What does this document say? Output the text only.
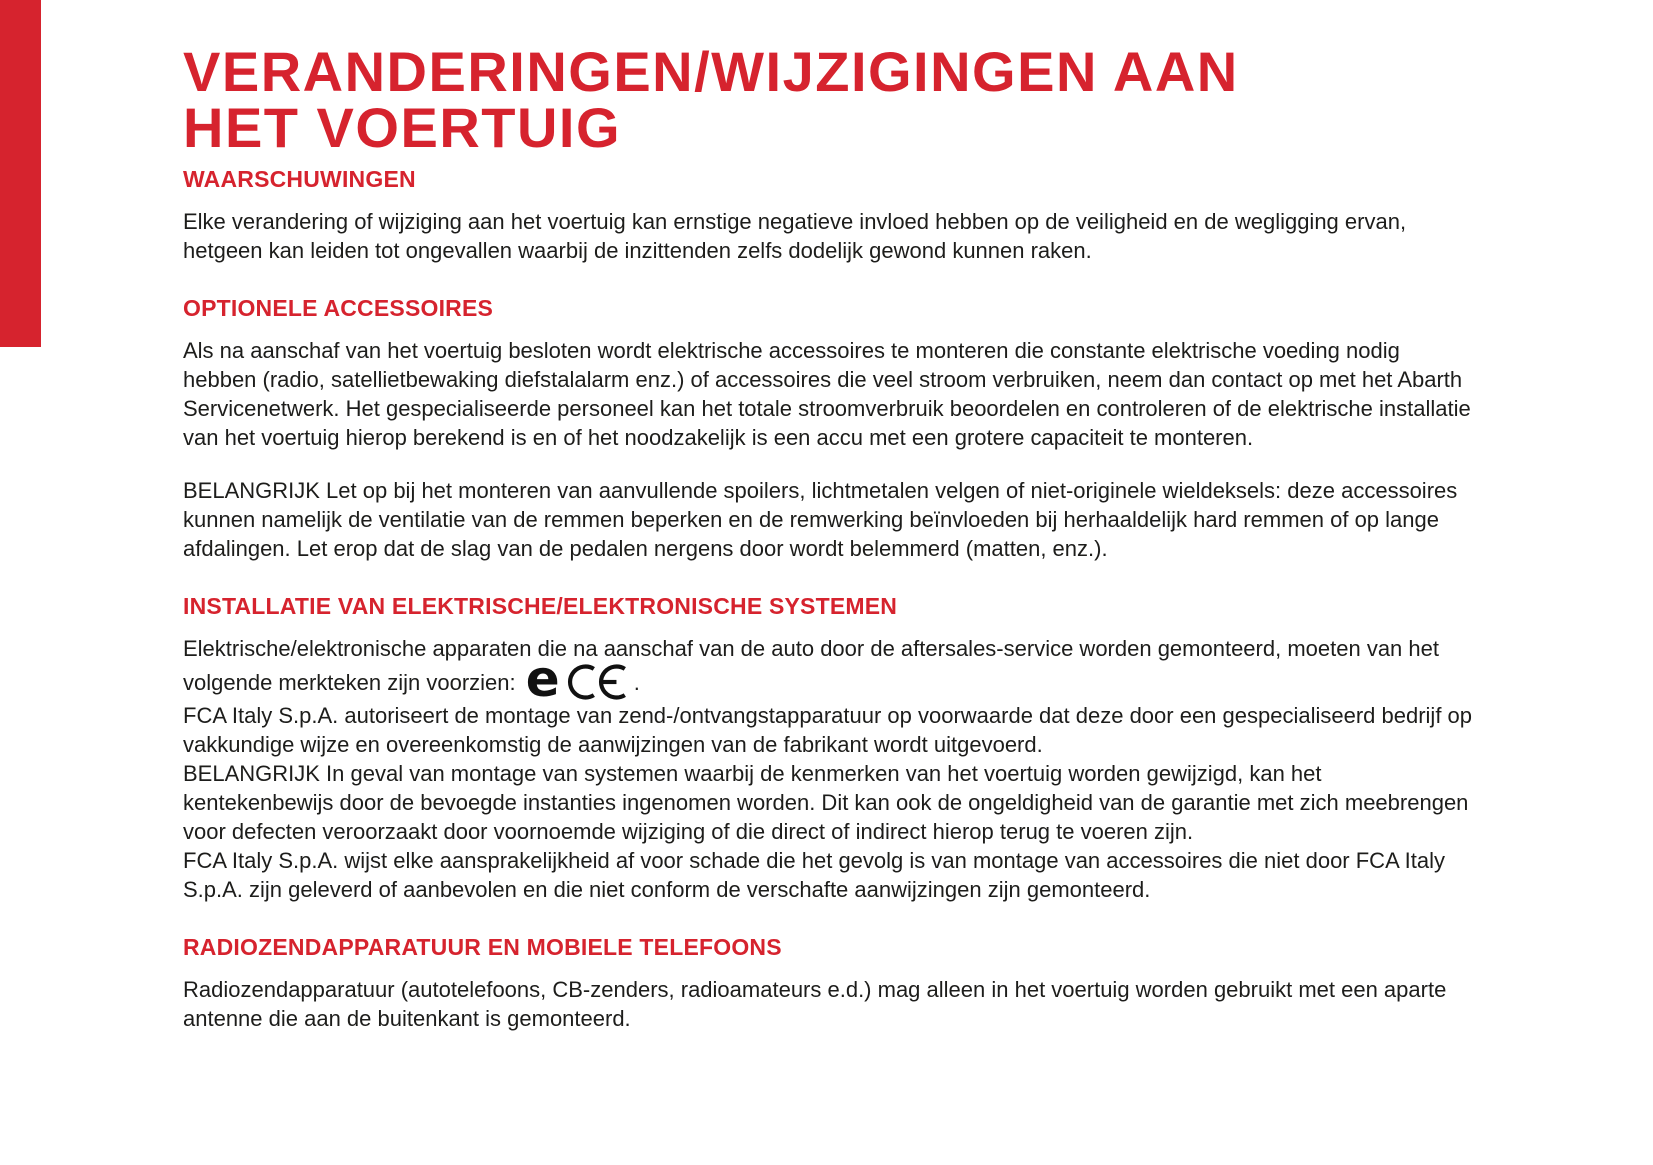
VERANDERINGEN/WIJZIGINGEN AAN
HET VOERTUIG
WAARSCHUWINGEN

Elke verandering of wijziging aan het voertuig kan ernstige negatieve invloed hebben op de veiligheid en de wegligging ervan, hetgeen kan leiden tot ongevallen waarbij de inzittenden zelfs dodelijk gewond kunnen raken.

OPTIONELE ACCESSOIRES

Als na aanschaf van het voertuig besloten wordt elektrische accessoires te monteren die constante elektrische voeding nodig hebben (radio, satellietbewaking diefstalalarm enz.) of accessoires die veel stroom verbruiken, neem dan contact op met het Abarth Servicenetwerk. Het gespecialiseerde personeel kan het totale stroomverbruik beoordelen en controleren of de elektrische installatie van het voertuig hierop berekend is en of het noodzakelijk is een accu met een grotere capaciteit te monteren.

BELANGRIJK Let op bij het monteren van aanvullende spoilers, lichtmetalen velgen of niet-originele wieldeksels: deze accessoires kunnen namelijk de ventilatie van de remmen beperken en de remwerking beïnvloeden bij herhaaldelijk hard remmen of op lange afdalingen. Let erop dat de slag van de pedalen nergens door wordt belemmerd (matten, enz.).

INSTALLATIE VAN ELEKTRISCHE/ELEKTRONISCHE SYSTEMEN

Elektrische/elektronische apparaten die na aanschaf van de auto door de aftersales-service worden gemonteerd, moeten van het volgende merkteken zijn voorzien: e	.

FCA Italy S.p.A. autoriseert de montage van zend-/ontvangstapparatuur op voorwaarde dat deze door een gespecialiseerd bedrijf op vakkundige wijze en overeenkomstig de aanwijzingen van de fabrikant wordt uitgevoerd.

BELANGRIJK In geval van montage van systemen waarbij de kenmerken van het voertuig worden gewijzigd, kan het kentekenbewijs door de bevoegde instanties ingenomen worden. Dit kan ook de ongeldigheid van de garantie met zich meebrengen voor defecten veroorzaakt door voornoemde wijziging of die direct of indirect hierop terug te voeren zijn.

FCA Italy S.p.A. wijst elke aansprakelijkheid af voor schade die het gevolg is van montage van accessoires die niet door FCA Italy S.p.A. zijn geleverd of aanbevolen en die niet conform de verschafte aanwijzingen zijn gemonteerd.

RADIOZENDAPPARATUUR EN MOBIELE TELEFOONS

Radiozendapparatuur (autotelefoons, CB-zenders, radioamateurs e.d.) mag alleen in het voertuig worden gebruikt met een aparte antenne die aan de buitenkant is gemonteerd.
